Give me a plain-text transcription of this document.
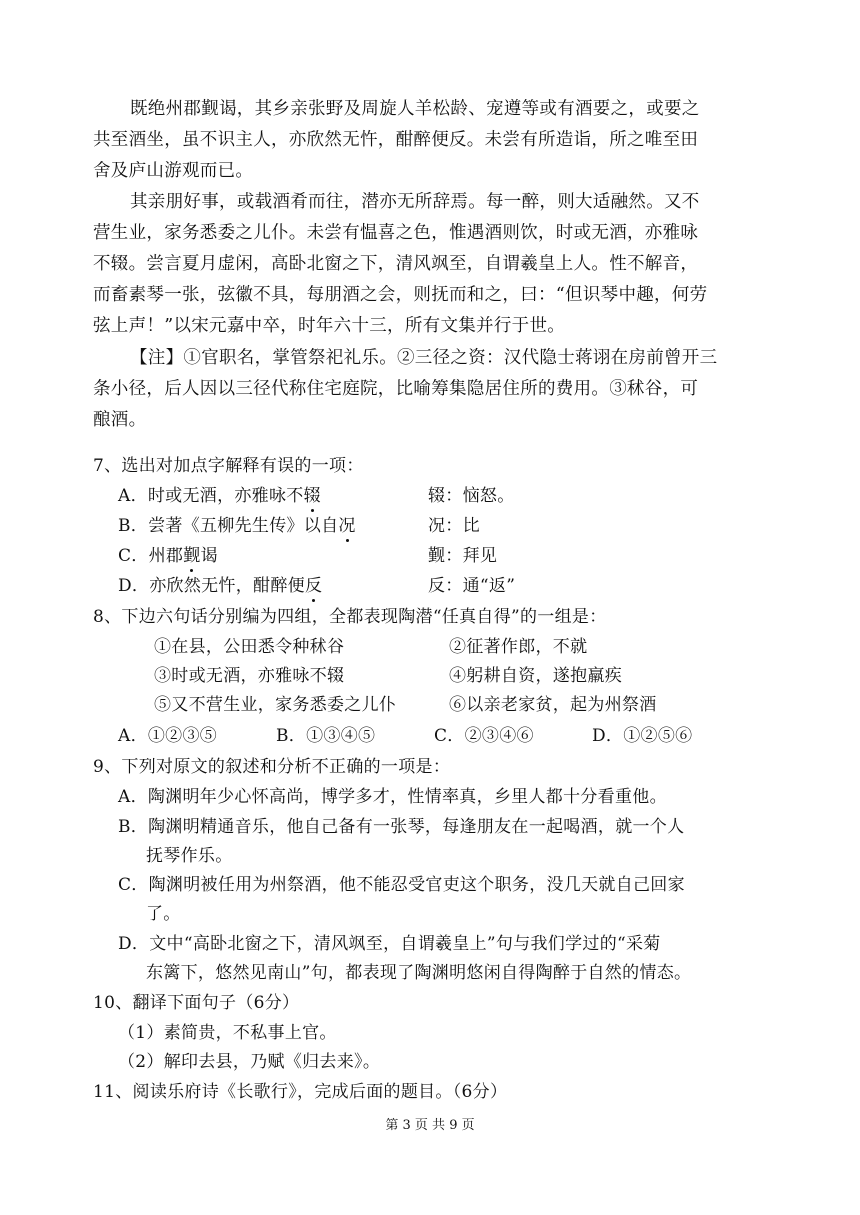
既绝州郡觐谒，其乡亲张野及周旋人羊松龄、宠遵等或有酒要之，或要之
共至酒坐，虽不识主人，亦欣然无忤，酣醉便反。未尝有所造诣，所之唯至田
舍及庐山游观而已。
其亲朋好事，或载酒肴而往，潜亦无所辞焉。每一醉，则大适融然。又不
营生业，家务悉委之儿仆。未尝有愠喜之色，惟遇酒则饮，时或无酒，亦雅咏
不辍。尝言夏月虚闲，高卧北窗之下，清风飒至，自谓羲皇上人。性不解音，
而畜素琴一张，弦徽不具，每朋酒之会，则抚而和之，曰：“但识琴中趣，何劳
弦上声！”以宋元嘉中卒，时年六十三，所有文集并行于世。
【注】①官职名，掌管祭祀礼乐。②三径之资：汉代隐士蒋诩在房前曾开三
条小径，后人因以三径代称住宅庭院，比喻筹集隐居住所的费用。③秫谷，可
酿酒。
7、选出对加点字解释有误的一项：
A．时或无酒，亦雅咏不辍	辍：恼怒。
B．尝著《五柳先生传》以自况	况：比
C．州郡觐谒	觐：拜见
D．亦欣然无忤，酣醉便反	反：通“返”
8、下边六句话分别编为四组，全都表现陶潜“任真自得”的一组是：
①在县，公田悉令种秫谷	②征著作郎，不就
③时或无酒，亦雅咏不辍	④躬耕自资，遂抱羸疾
⑤又不营生业，家务悉委之儿仆	⑥以亲老家贫，起为州祭酒
A．①②③⑤	B．①③④⑤	C．②③④⑥	D．①②⑤⑥
9、下列对原文的叙述和分析不正确的一项是：
A．陶渊明年少心怀高尚，博学多才，性情率真，乡里人都十分看重他。
B．陶渊明精通音乐，他自己备有一张琴，每逢朋友在一起喝酒，就一个人
抚琴作乐。
C．陶渊明被任用为州祭酒，他不能忍受官吏这个职务，没几天就自己回家
了。
D．文中“高卧北窗之下，清风飒至，自谓羲皇上”句与我们学过的“采菊
东篱下，悠然见南山”句，都表现了陶渊明悠闲自得陶醉于自然的情态。
10、翻译下面句子（6分）
（1）素简贵，不私事上官。
（2）解印去县，乃赋《归去来》。
11、阅读乐府诗《长歌行》，完成后面的题目。（6分）
第 3 页 共 9 页
